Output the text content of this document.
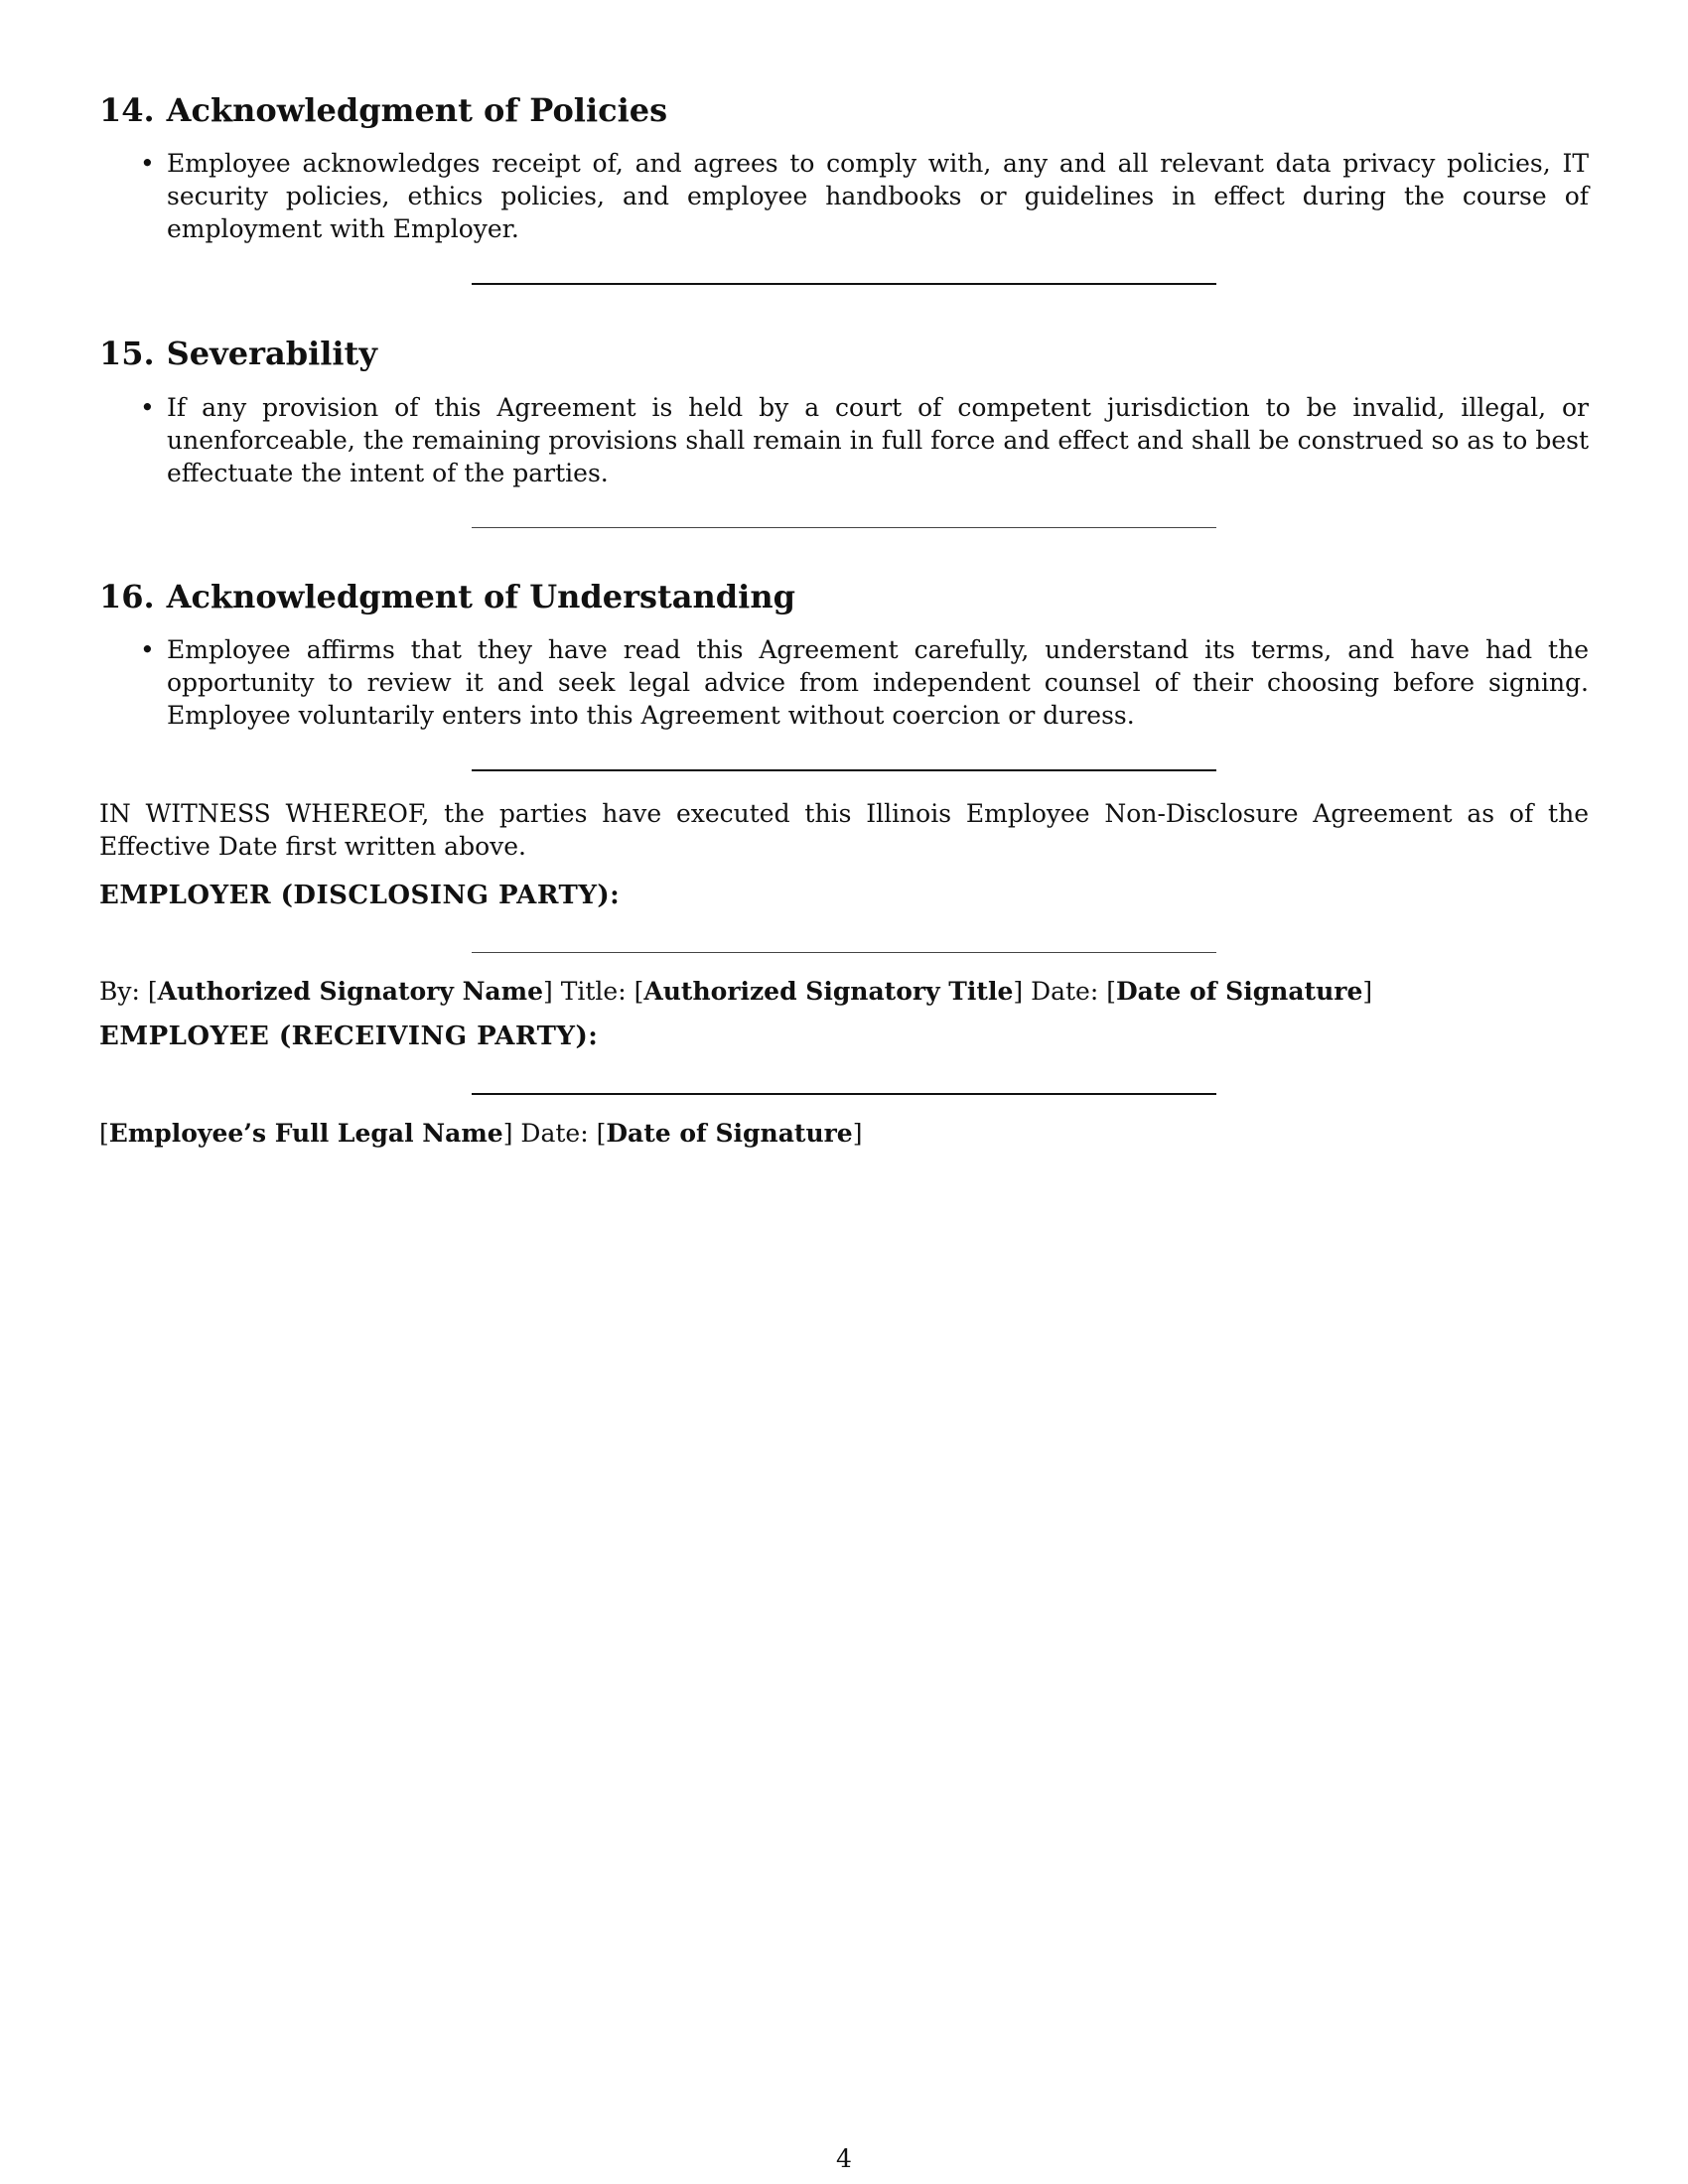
14. Acknowledgment of Policies
• Employee acknowledges receipt of, and agrees to comply with, any and all relevant data privacy policies, IT security policies, ethics policies, and employee handbooks or guidelines in effect during the course of employment with Employer.
15. Severability
• If any provision of this Agreement is held by a court of competent jurisdiction to be invalid, illegal, or unenforceable, the remaining provisions shall remain in full force and effect and shall be construed so as to best effectuate the intent of the parties.
16. Acknowledgment of Understanding
• Employee affirms that they have read this Agreement carefully, understand its terms, and have had the opportunity to review it and seek legal advice from independent counsel of their choosing before signing. Employee voluntarily enters into this Agreement without coercion or duress.

IN WITNESS WHEREOF, the parties have executed this Illinois Employee Non-Disclosure Agreement as of the Effective Date first written above.

EMPLOYER (DISCLOSING PARTY):
By: [Authorized Signatory Name] Title: [Authorized Signatory Title] Date: [Date of Signature]
EMPLOYEE (RECEIVING PARTY):
[Employee’s Full Legal Name] Date: [Date of Signature]
4
